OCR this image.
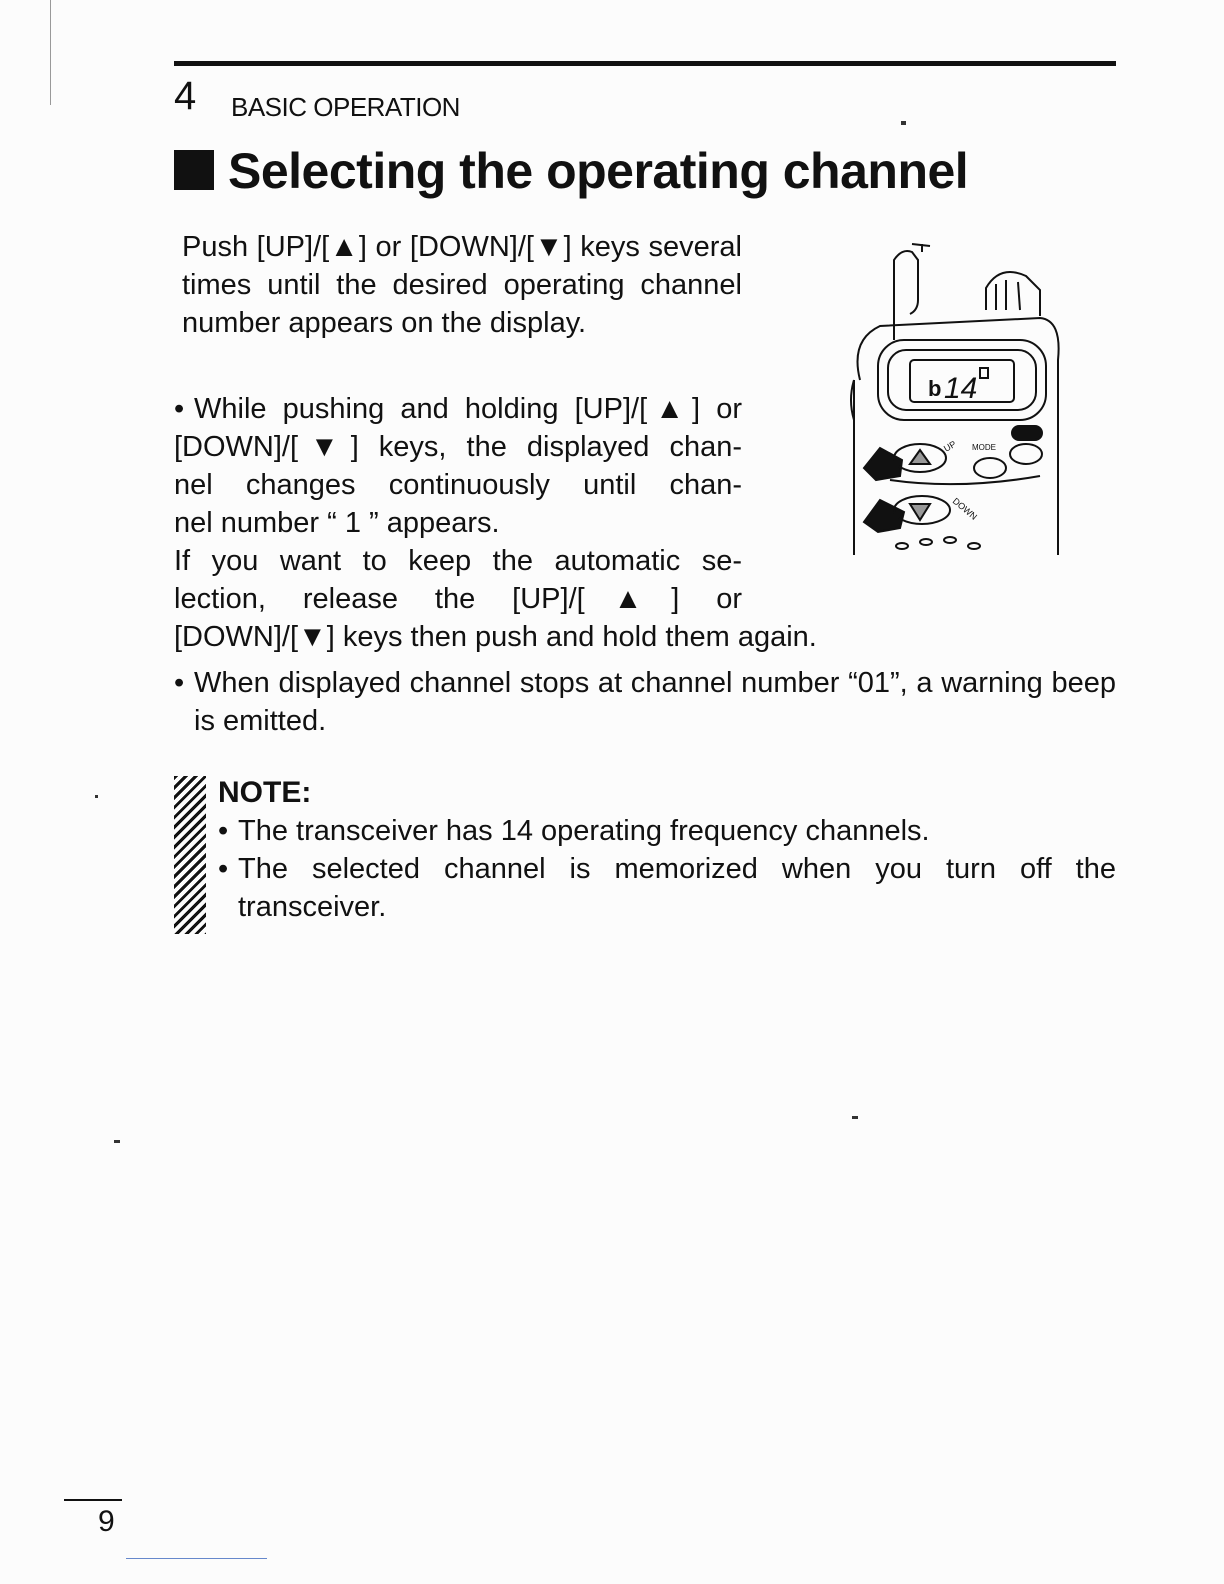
4 BASIC OPERATION
Selecting the operating channel
Push [UP]/[▲] or [DOWN]/[▼] keys several times until the desired operating channel number appears on the display.
• While pushing and holding [UP]/[▲] or
[DOWN]/[▼] keys, the displayed chan-
nel changes continuously until chan-
nel number “ 1 ” appears.
If you want to keep the automatic se-
lection, release the [UP]/[▲] or
[DOWN]/[▼] keys then push and hold them again.
• When displayed channel stops at channel number “01”, a warning beep is emitted.
b 14
UP MODE
DOWN
NOTE:
• The transceiver has 14 operating frequency channels.
• The selected channel is memorized when you turn off the transceiver.
9
